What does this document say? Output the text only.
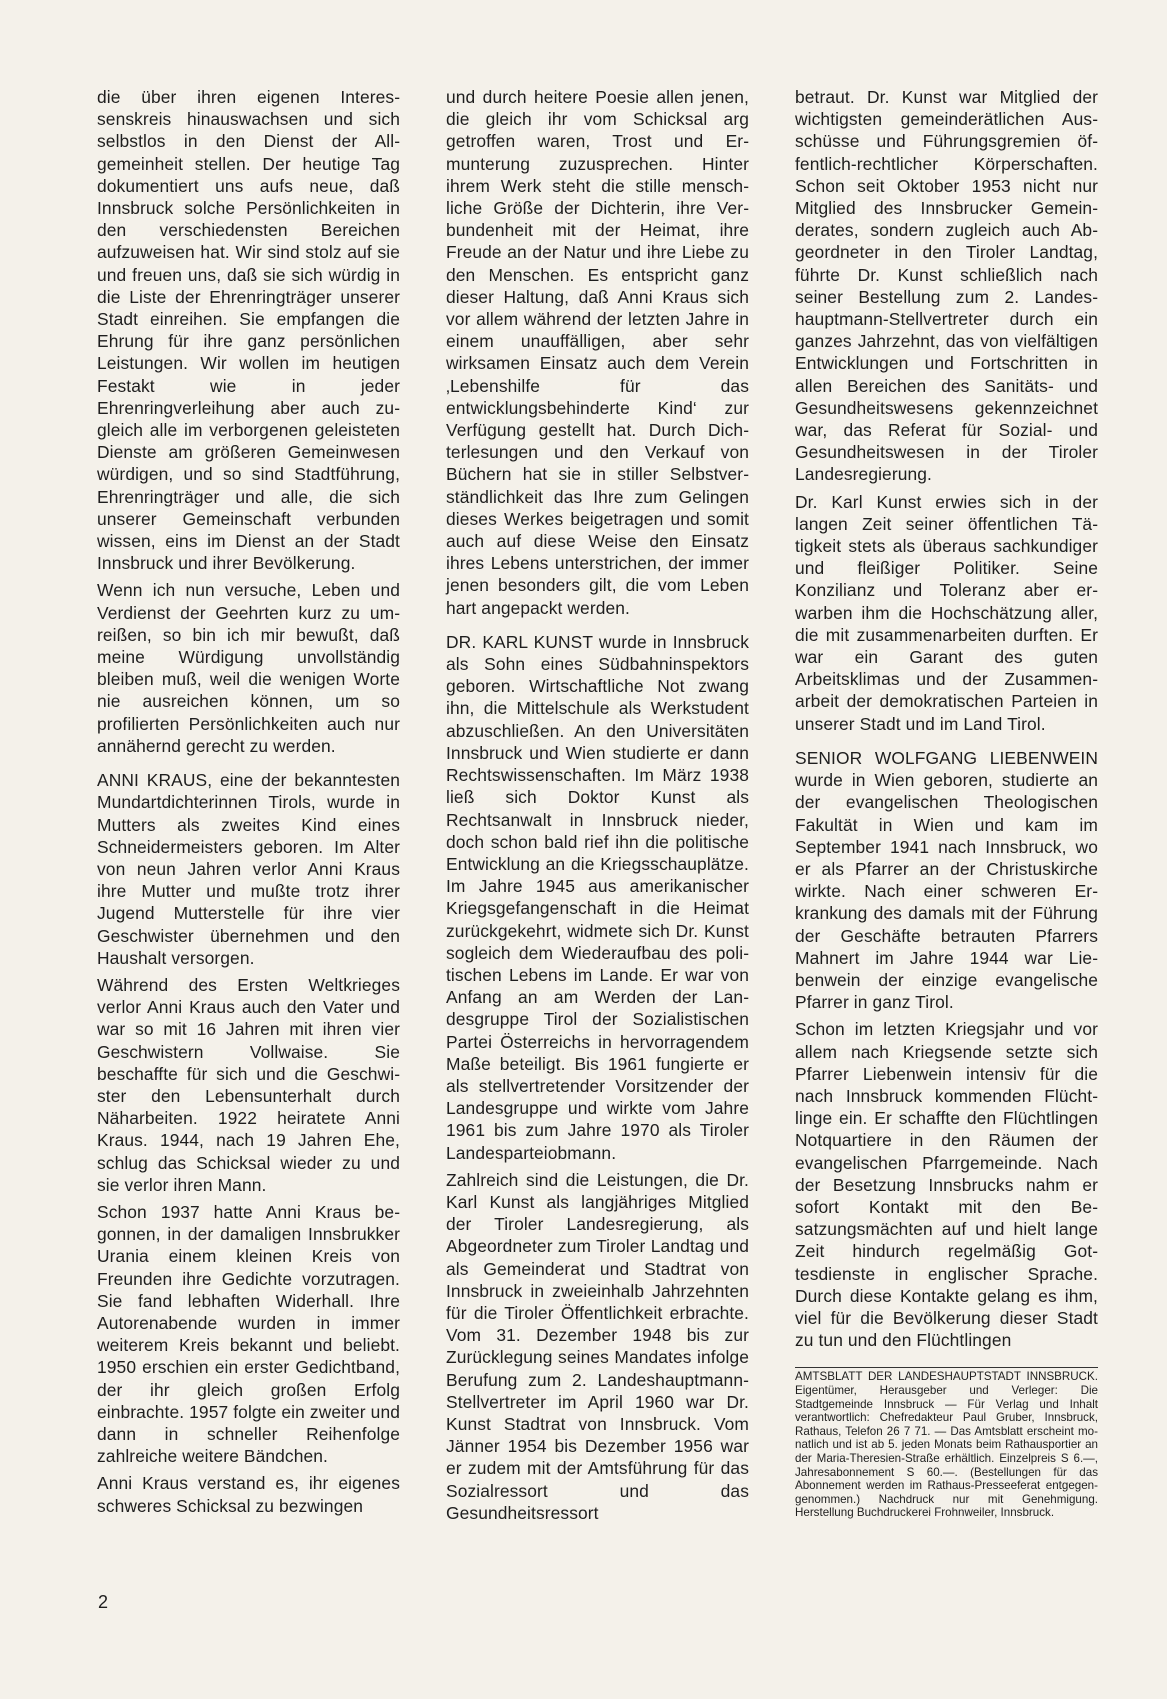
die über ihren eigenen Interessenskreis hinauswachsen und sich selbstlos in den Dienst der Allgemeinheit stellen. Der heutige Tag dokumentiert uns aufs neue, daß Innsbruck solche Persönlichkeiten in den verschiedensten Bereichen aufzuweisen hat. Wir sind stolz auf sie und freuen uns, daß sie sich würdig in die Liste der Ehrenringträger unserer Stadt einreihen. Sie empfangen die Ehrung für ihre ganz persönlichen Leistungen. Wir wollen im heutigen Festakt wie in jeder Ehrenringverleihung aber auch zugleich alle im verborgenen geleisteten Dienste am größeren Gemeinwesen würdigen, und so sind Stadtführung, Ehrenringträger und alle, die sich unserer Gemeinschaft verbunden wissen, eins im Dienst an der Stadt Innsbruck und ihrer Bevölkerung.

Wenn ich nun versuche, Leben und Verdienst der Geehrten kurz zu umreißen, so bin ich mir bewußt, daß meine Würdigung unvollständig bleiben muß, weil die wenigen Worte nie ausreichen können, um so profilierten Persönlichkeiten auch nur annähernd gerecht zu werden.

ANNI KRAUS, eine der bekanntesten Mundartdichterinnen Tirols, wurde in Mutters als zweites Kind eines Schneidermeisters geboren. Im Alter von neun Jahren verlor Anni Kraus ihre Mutter und mußte trotz ihrer Jugend Mutterstelle für ihre vier Geschwister übernehmen und den Haushalt versorgen.

Während des Ersten Weltkrieges verlor Anni Kraus auch den Vater und war so mit 16 Jahren mit ihren vier Geschwistern Vollwaise. Sie beschaffte für sich und die Geschwister den Lebensunterhalt durch Näharbeiten. 1922 heiratete Anni Kraus. 1944, nach 19 Jahren Ehe, schlug das Schicksal wieder zu und sie verlor ihren Mann.

Schon 1937 hatte Anni Kraus begonnen, in der damaligen Innsbrukker Urania einem kleinen Kreis von Freunden ihre Gedichte vorzutragen. Sie fand lebhaften Widerhall. Ihre Autorenabende wurden in immer weiterem Kreis bekannt und beliebt. 1950 erschien ein erster Gedichtband, der ihr gleich großen Erfolg einbrachte. 1957 folgte ein zweiter und dann in schneller Reihenfolge zahlreiche weitere Bändchen.

Anni Kraus verstand es, ihr eigenes schweres Schicksal zu bezwingen

und durch heitere Poesie allen jenen, die gleich ihr vom Schicksal arg getroffen waren, Trost und Ermunterung zuzusprechen. Hinter ihrem Werk steht die stille menschliche Größe der Dichterin, ihre Verbundenheit mit der Heimat, ihre Freude an der Natur und ihre Liebe zu den Menschen. Es entspricht ganz dieser Haltung, daß Anni Kraus sich vor allem während der letzten Jahre in einem unauffälligen, aber sehr wirksamen Einsatz auch dem Verein ‚Lebenshilfe für das entwicklungsbehinderte Kind‘ zur Verfügung gestellt hat. Durch Dichterlesungen und den Verkauf von Büchern hat sie in stiller Selbstverständlichkeit das Ihre zum Gelingen dieses Werkes beigetragen und somit auch auf diese Weise den Einsatz ihres Lebens unterstrichen, der immer jenen besonders gilt, die vom Leben hart angepackt werden.

DR. KARL KUNST wurde in Innsbruck als Sohn eines Südbahninspektors geboren. Wirtschaftliche Not zwang ihn, die Mittelschule als Werkstudent abzuschließen. An den Universitäten Innsbruck und Wien studierte er dann Rechtswissenschaften. Im März 1938 ließ sich Doktor Kunst als Rechtsanwalt in Innsbruck nieder, doch schon bald rief ihn die politische Entwicklung an die Kriegsschauplätze. Im Jahre 1945 aus amerikanischer Kriegsgefangenschaft in die Heimat zurückgekehrt, widmete sich Dr. Kunst sogleich dem Wiederaufbau des politischen Lebens im Lande. Er war von Anfang an am Werden der Landesgruppe Tirol der Sozialistischen Partei Österreichs in hervorragendem Maße beteiligt. Bis 1961 fungierte er als stellvertretender Vorsitzender der Landesgruppe und wirkte vom Jahre 1961 bis zum Jahre 1970 als Tiroler Landesparteiobmann.

Zahlreich sind die Leistungen, die Dr. Karl Kunst als langjähriges Mitglied der Tiroler Landesregierung, als Abgeordneter zum Tiroler Landtag und als Gemeinderat und Stadtrat von Innsbruck in zweieinhalb Jahrzehnten für die Tiroler Öffentlichkeit erbrachte. Vom 31. Dezember 1948 bis zur Zurücklegung seines Mandates infolge Berufung zum 2. Landeshauptmann-Stellvertreter im April 1960 war Dr. Kunst Stadtrat von Innsbruck. Vom Jänner 1954 bis Dezember 1956 war er zudem mit der Amtsführung für das Sozialressort und das Gesundheitsressort

betraut. Dr. Kunst war Mitglied der wichtigsten gemeinderätlichen Ausschüsse und Führungsgremien öffentlich-rechtlicher Körperschaften. Schon seit Oktober 1953 nicht nur Mitglied des Innsbrucker Gemeinderates, sondern zugleich auch Abgeordneter in den Tiroler Landtag, führte Dr. Kunst schließlich nach seiner Bestellung zum 2. Landeshauptmann-Stellvertreter durch ein ganzes Jahrzehnt, das von vielfältigen Entwicklungen und Fortschritten in allen Bereichen des Sanitäts- und Gesundheitswesens gekennzeichnet war, das Referat für Sozial- und Gesundheitswesen in der Tiroler Landesregierung.

Dr. Karl Kunst erwies sich in der langen Zeit seiner öffentlichen Tätigkeit stets als überaus sachkundiger und fleißiger Politiker. Seine Konzilianz und Toleranz aber erwarben ihm die Hochschätzung aller, die mit zusammenarbeiten durften. Er war ein Garant des guten Arbeitsklimas und der Zusammenarbeit der demokratischen Parteien in unserer Stadt und im Land Tirol.

SENIOR WOLFGANG LIEBENWEIN wurde in Wien geboren, studierte an der evangelischen Theologischen Fakultät in Wien und kam im September 1941 nach Innsbruck, wo er als Pfarrer an der Christuskirche wirkte. Nach einer schweren Erkrankung des damals mit der Führung der Geschäfte betrauten Pfarrers Mahnert im Jahre 1944 war Liebenwein der einzige evangelische Pfarrer in ganz Tirol.

Schon im letzten Kriegsjahr und vor allem nach Kriegsende setzte sich Pfarrer Liebenwein intensiv für die nach Innsbruck kommenden Flüchtlinge ein. Er schaffte den Flüchtlingen Notquartiere in den Räumen der evangelischen Pfarrgemeinde. Nach der Besetzung Innsbrucks nahm er sofort Kontakt mit den Besatzungsmächten auf und hielt lange Zeit hindurch regelmäßig Gottesdienste in englischer Sprache. Durch diese Kontakte gelang es ihm, viel für die Bevölkerung dieser Stadt zu tun und den Flüchtlingen

AMTSBLATT DER LANDESHAUPTSTADT INNSBRUCK. Eigentümer, Herausgeber und Verleger: Die Stadtgemeinde Innsbruck — Für Verlag und Inhalt verantwortlich: Chefredakteur Paul Gruber, Innsbruck, Rathaus, Telefon 26 7 71. — Das Amtsblatt erscheint monatlich und ist ab 5. jeden Monats beim Rathausportier an der Maria-Theresien-Straße erhältlich. Einzelpreis S 6.—, Jahresabonnement S 60.—. (Bestellungen für das Abonnement werden im Rathaus-Presseeferat entgegengenommen.) Nachdruck nur mit Genehmigung. Herstellung Buchdruckerei Frohnweiler, Innsbruck.
2
